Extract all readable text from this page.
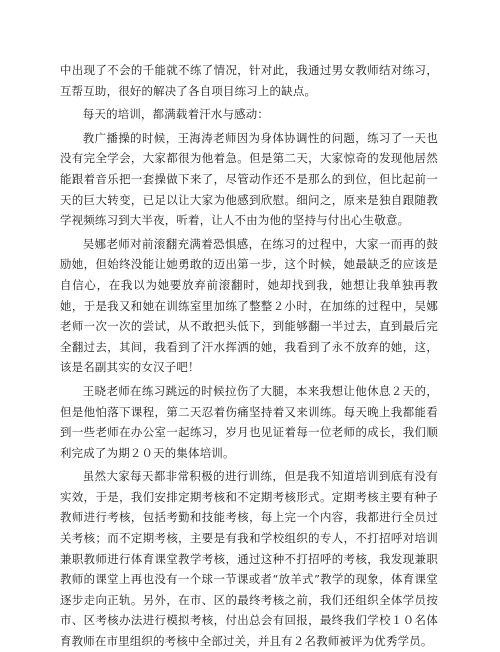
中出现了不会的千能就不练了情况，针对此，我通过男女教师结对练习，互帮互助，很好的解决了各自项目练习上的缺点。

每天的培训，都满载着汗水与感动：

教广播操的时候，王海涛老师因为身体协调性的问题，练习了一天也没有完全学会，大家都很为他着急。但是第二天，大家惊奇的发现他居然能跟着音乐把一套操做下来了，尽管动作还不是那么的到位，但比起前一天的巨大转变，已足以让大家为他感到欣慰。细问之，原来是独自跟随教学视频练习到大半夜，听着，让人不由为他的坚持与付出心生敬意。

吴娜老师对前滚翻充满着恐惧感，在练习的过程中，大家一而再的鼓励她，但始终没能让她勇敢的迈出第一步，这个时候，她最缺乏的应该是自信心，在我以为她要放弃前滚翻时，她却找到我，她想让我单独再教她，于是我又和她在训练室里加练了整整２小时，在加练的过程中，吴娜老师一次一次的尝试，从不敢把头低下，到能够翻一半过去，直到最后完全翻过去，其间，我看到了汗水挥洒的她，我看到了永不放弃的她，这，该是名副其实的女汉子吧！

王晓老师在练习跳远的时候拉伤了大腿，本来我想让他休息２天的，但是他怕落下课程，第二天忍着伤痛坚持着又来训练。每天晚上我都能看到一些老师在办公室一起练习，岁月也见证着每一位老师的成长，我们顺利完成了为期２０天的集体培训。

虽然大家每天都非常积极的进行训练，但是我不知道培训到底有没有实效，于是，我们安排定期考核和不定期考核形式。定期考核主要有种子教师进行考核，包括考勤和技能考核，每上完一个内容，我都进行全员过关考核；而不定期考核，主要是有我和学校组织的专人，不打招呼对培训兼职教师进行体育课堂教学考核，通过这种不打招呼的考核，我发现兼职教师的课堂上再也没有一个球一节课或者“放羊式”教学的现象，体育课堂逐步走向正轨。另外，在市、区的最终考核之前，我们还组织全体学员按市、区考核办法进行模拟考核，付出总会有回报，最终我们学校１０名体育教师在市里组织的考核中全部过关，并且有２名教师被评为优秀学员。
